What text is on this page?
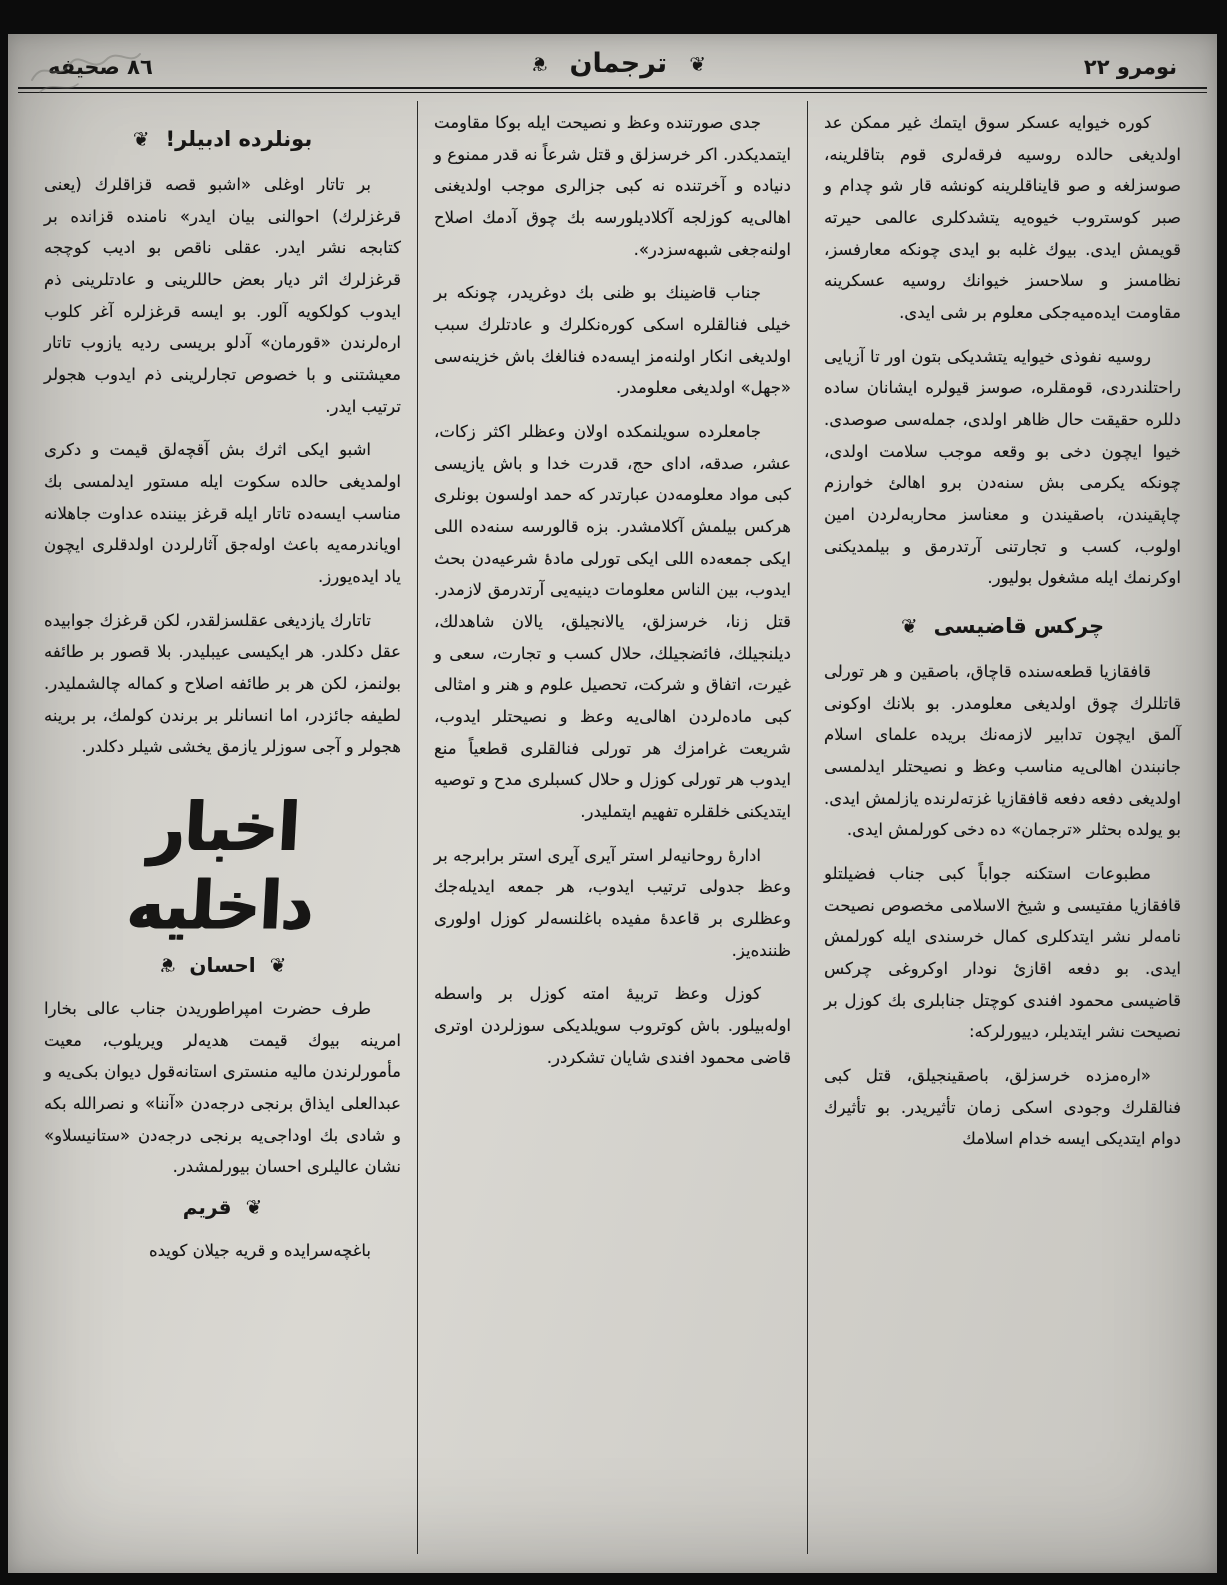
نومرو ٢٢
❦
ترجمان
❦
٨٦ صحيفه

كوره خيوايه عسكر سوق ايتمك غير ممكن عد اولديغى حالده روسيه فرقه‌لرى قوم بتاقلرينه، صوسزلغه و صو قايناقلرينه كونشه قار شو چدام و صبر كوستروب خيوه‌يه يتشدكلرى عالمى حيرته قويمش ايدى. بيوك غلبه بو ايدى چونكه معارفسز، نظامسز و سلاحسز خيوانك روسيه عسكرينه مقاومت ايده‌ميه‌جكى معلوم بر شى ايدى.

روسيه نفوذى خيوايه يتشديكى بتون اور تا آزيايى راحتلندردى، قومقلره، صوسز قيولره ايشانان ساده دللره حقيقت حال ظاهر اولدى، جمله‌سى صوصدى. خيوا ايچون دخى بو وقعه موجب سلامت اولدى، چونكه يكرمى بش سنه‌دن برو اهالئ خوارزم چاپقيندن، باصقيندن و معناسز محاربه‌لردن امين اولوب، كسب و تجارتنى آرتدرمق و بيلمديكنى اوكرنمك ايله مشغول بوليور.

چركس قاضيسى
❦

قافقازيا قطعه‌سنده قاچاق، باصقين و هر تورلى قاتللرك چوق اولديغى معلومدر. بو بلانك اوكونى آلمق ايچون تدابير لازمه‌نك بريده علماى اسلام جانبندن اهالى‌يه مناسب وعظ و نصيحتلر ايدلمسى اولديغى دفعه دفعه قافقازيا غزته‌لرنده يازلمش ايدى. بو يولده بحثلر «ترجمان» ده دخى كورلمش ايدى.

مطبوعات استكنه جواباً كبى جناب فضيلتلو قافقازيا مفتيسى و شيخ الاسلامى مخصوص نصيحت نامه‌لر نشر ايتدكلرى كمال خرسندى ايله كورلمش ايدى. بو دفعه اقازئ نودار اوكروغى چركس قاضيسى محمود افندى كوچتل جنابلرى بك كوزل بر نصيحت نشر ايتديلر، دييورلركه:

«اره‌مزده خرسزلق، باصقينجيلق، قتل كبى فنالقلرك وجودى اسكى زمان تأثيريدر. بو تأثيرك دوام ايتديكى ايسه خدام اسلامك

جدى صورتنده وعظ و نصيحت ايله بوكا مقاومت ايتمديكدر. اكر خرسزلق و قتل شرعاً نه قدر ممنوع و دنياده و آخرتنده نه كبى جزالرى موجب اولديغنى اهالى‌يه كوزلجه آكلاديلورسه بك چوق آدمك اصلاح اولنه‌جغى شبهه‌سزدر».

جناب قاضينك بو ظنى بك دوغريدر، چونكه بر خيلى فنالقلره اسكى كوره‌نكلرك و عادتلرك سبب اولديغى انكار اولنه‌مز ايسه‌ده فنالغك باش خزينه‌سى «جهل» اولديغى معلومدر.

جامعلرده سويلنمكده اولان وعظلر اكثر زكات، عشر، صدقه، اداى حج، قدرت خدا و باش يازيسى كبى مواد معلومه‌دن عبارتدر كه حمد اولسون بونلرى هركس بيلمش آكلامشدر. بزه قالورسه سنه‌ده اللى ايكى جمعه‌ده اللى ايكى تورلى مادهٔ شرعيه‌دن بحث ايدوب، بين الناس معلومات دينيه‌يى آرتدرمق لازمدر. قتل زنا، خرسزلق، يالانجيلق، يالان شاهدلك، ديلنجيلك، فائضجيلك، حلال كسب و تجارت، سعى و غيرت، اتفاق و شركت، تحصيل علوم و هنر و امثالى كبى ماده‌لردن اهالى‌يه وعظ و نصيحتلر ايدوب، شريعت غرامزك هر تورلى فنالقلرى قطعياً منع ايدوب هر تورلى كوزل و حلال كسبلرى مدح و توصيه ايتديكنى خلقلره تفهيم ايتمليدر.

ادارهٔ روحانيه‌لر استر آيرى آيرى استر برابرجه بر وعظ جدولى ترتيب ايدوب، هر جمعه ايديله‌جك وعظلرى بر قاعدهٔ مفيده باغلنسه‌لر كوزل اولورى ظننده‌يز.

كوزل وعظ تربيهٔ امته كوزل بر واسطه اوله‌بيلور. باش كوتروب سويلديكى سوزلردن اوترى قاضى محمود افندى شايان تشكردر.

بونلرده ادبيلر!
❦

بر تاتار اوغلى «اشبو قصه قزاقلرك (يعنى قرغزلرك) احوالنى بيان ايدر» نامنده قزانده بر كتابجه نشر ايدر. عقلى ناقص بو اديب كوچجه قرغزلرك اثر ديار بعض حاللرينى و عادتلرينى ذم ايدوب كولكويه آلور. بو ايسه قرغزلره آغر كلوب اره‌لرندن «قورمان» آدلو بريسى رديه يازوب تاتار معيشتنى و با خصوص تجارلرينى ذم ايدوب هجولر ترتيب ايدر.

اشبو ايكى اثرك بش آقچه‌لق قيمت و دكرى اولمديغى حالده سكوت ايله مستور ايدلمسى بك مناسب ايسه‌ده تاتار ايله قرغز بيننده عداوت جاهلانه اوياندرمه‌يه باعث اوله‌جق آثارلردن اولدقلرى ايچون ياد ايده‌يورز.

تاتارك يازديغى عقلسزلقدر، لكن قرغزك جوابيده عقل دكلدر. هر ايكيسى عيبليدر. بلا قصور بر طائفه بولنمز، لكن هر بر طائفه اصلاح و كماله چالشمليدر. لطيفه جائزدر، اما انسانلر بر برندن كولمك، بر برينه هجولر و آجى سوزلر يازمق يخشى شيلر دكلدر.

اخبار داخليه
❦
احسان
❦

طرف حضرت امپراطوريدن جناب عالى بخارا امرينه بيوك قيمت هديه‌لر ويريلوب، معيت مأمورلرندن ماليه منسترى استانه‌قول ديوان بكى‌يه و عبدالعلى ايذاق برنجى درجه‌دن «آننا» و نصرالله بكه و شادى بك اوداجى‌يه برنجى درجه‌دن «ستانيسلاو» نشان عاليلرى احسان بيورلمشدر.

❦
قريم

باغچه‌سرايده و قريه جيلان كويده
